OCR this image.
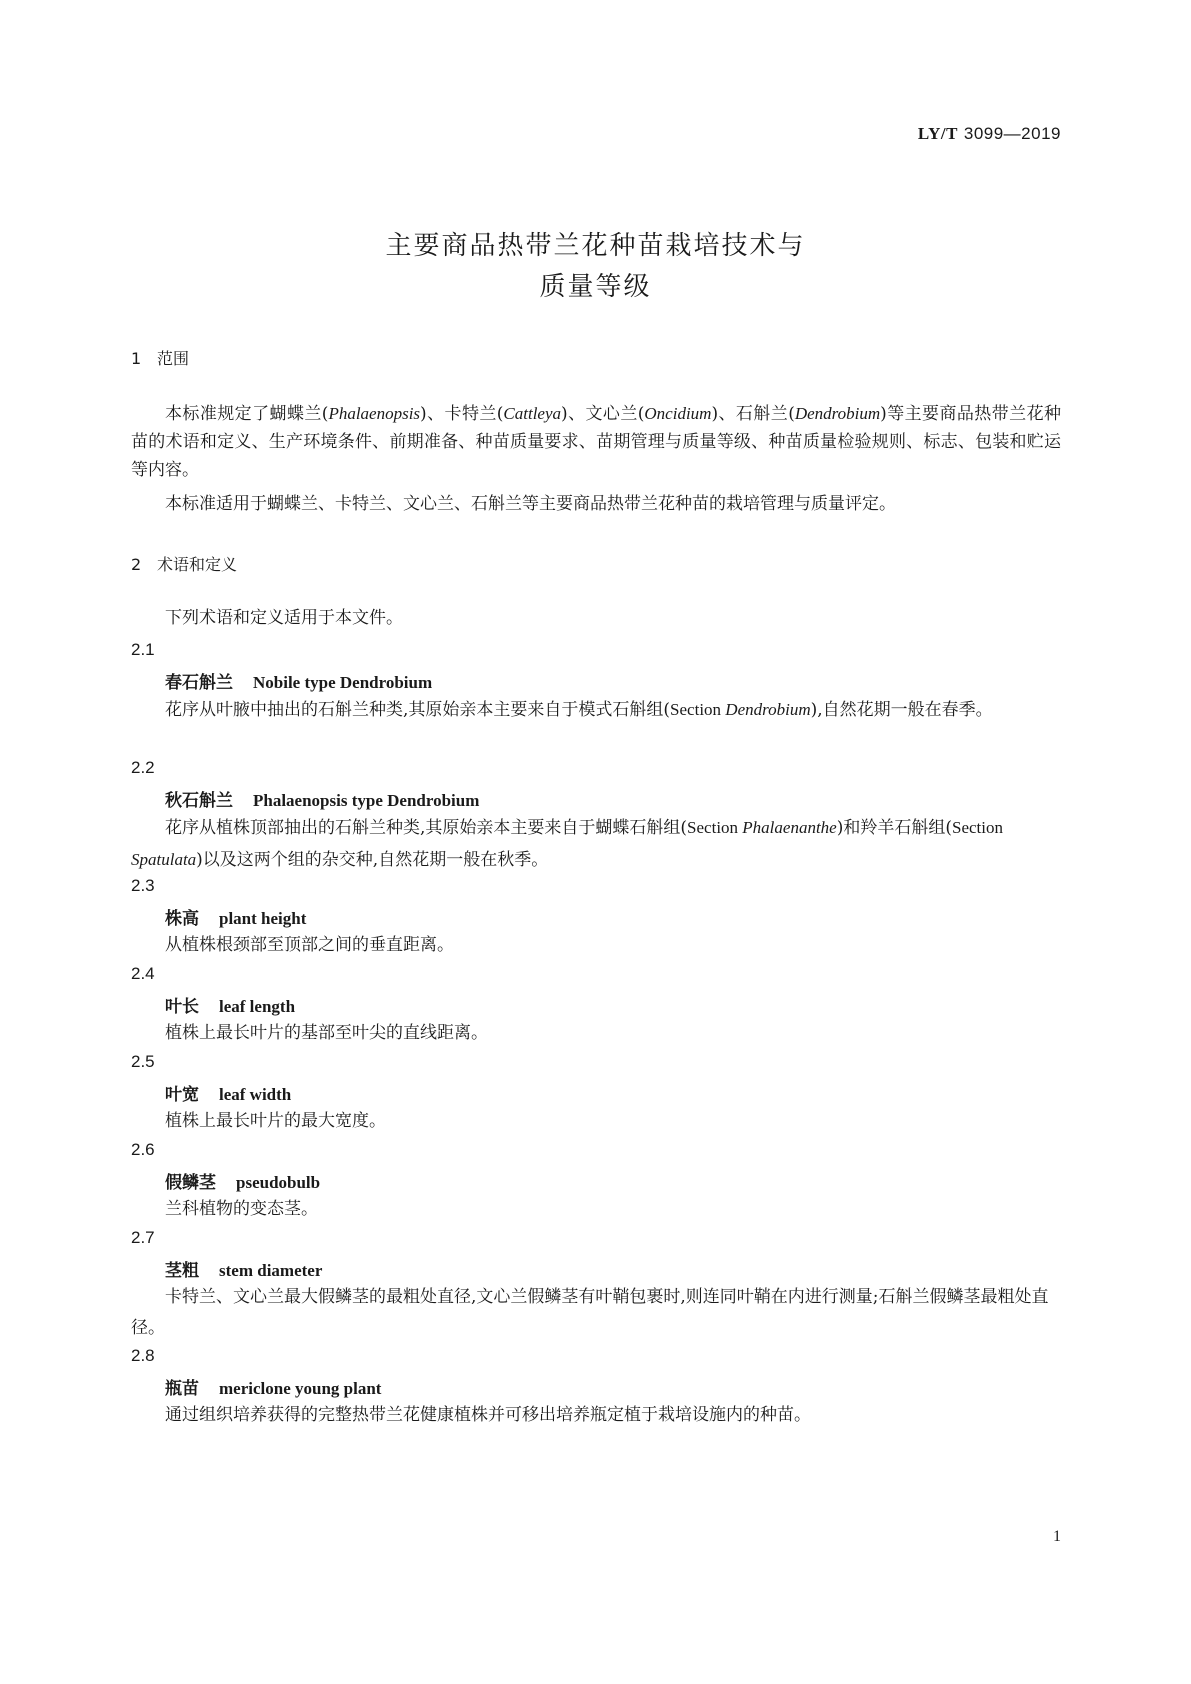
LY/T 3099—2019
主要商品热带兰花种苗栽培技术与
质量等级
1 范围
本标准规定了蝴蝶兰(Phalaenopsis)、卡特兰(Cattleya)、文心兰(Oncidium)、石斛兰(Dendrobium)等主要商品热带兰花种苗的术语和定义、生产环境条件、前期准备、种苗质量要求、苗期管理与质量等级、种苗质量检验规则、标志、包装和贮运等内容。
本标准适用于蝴蝶兰、卡特兰、文心兰、石斛兰等主要商品热带兰花种苗的栽培管理与质量评定。
2 术语和定义
下列术语和定义适用于本文件。
2.1
春石斛兰 Nobile type Dendrobium
花序从叶腋中抽出的石斛兰种类,其原始亲本主要来自于模式石斛组(Section Dendrobium),自然花期一般在春季。
2.2
秋石斛兰 Phalaenopsis type Dendrobium
花序从植株顶部抽出的石斛兰种类,其原始亲本主要来自于蝴蝶石斛组(Section Phalaenanthe)和羚羊石斛组(Section Spatulata)以及这两个组的杂交种,自然花期一般在秋季。
2.3
株高 plant height
从植株根颈部至顶部之间的垂直距离。
2.4
叶长 leaf length
植株上最长叶片的基部至叶尖的直线距离。
2.5
叶宽 leaf width
植株上最长叶片的最大宽度。
2.6
假鳞茎 pseudobulb
兰科植物的变态茎。
2.7
茎粗 stem diameter
卡特兰、文心兰最大假鳞茎的最粗处直径,文心兰假鳞茎有叶鞘包裹时,则连同叶鞘在内进行测量;石斛兰假鳞茎最粗处直径。
2.8
瓶苗 mericlone young plant
通过组织培养获得的完整热带兰花健康植株并可移出培养瓶定植于栽培设施内的种苗。
1
